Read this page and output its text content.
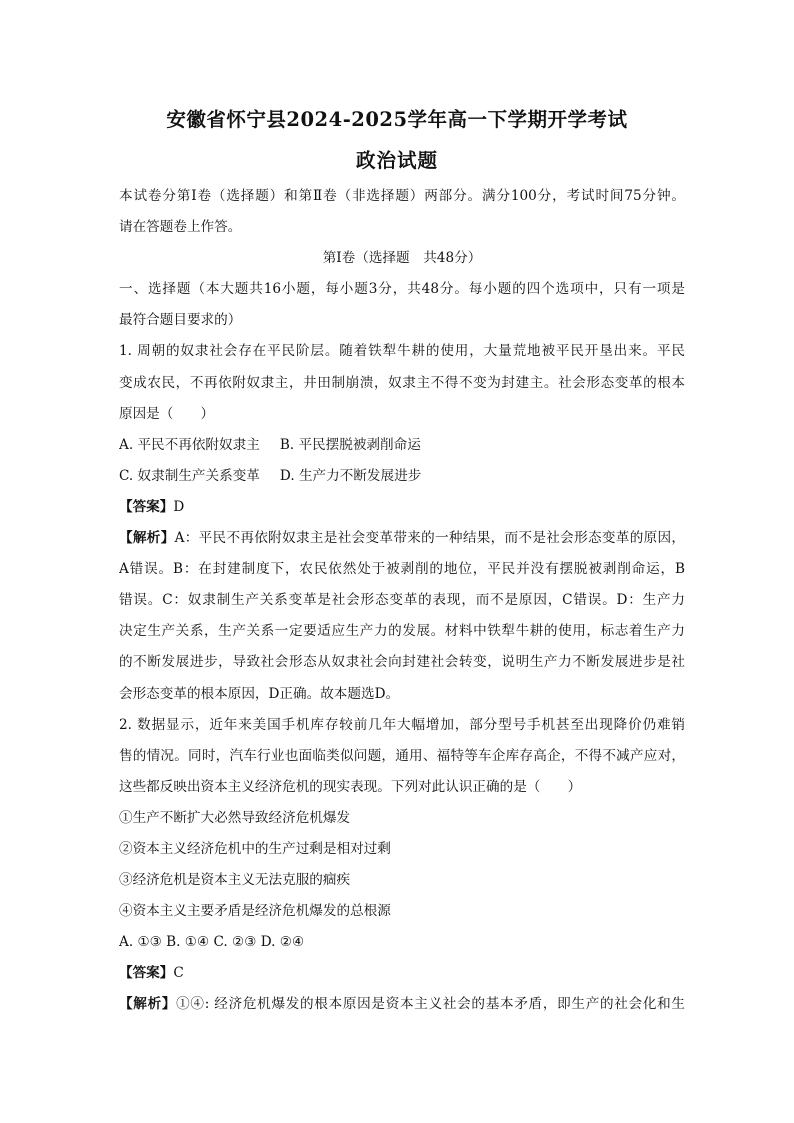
安徽省怀宁县2024-2025学年高一下学期开学考试
政治试题
本试卷分第Ⅰ卷（选择题）和第Ⅱ卷（非选择题）两部分。满分100分，考试时间75分钟。
请在答题卷上作答。
第Ⅰ卷（选择题　共48分）
一、选择题（本大题共16小题，每小题3分，共48分。每小题的四个选项中，只有一项是
最符合题目要求的）
1. 周朝的奴隶社会存在平民阶层。随着铁犁牛耕的使用，大量荒地被平民开垦出来。平民
变成农民，不再依附奴隶主，井田制崩溃，奴隶主不得不变为封建主。社会形态变革的根本
原因是（　　）
A. 平民不再依附奴隶主 B. 平民摆脱被剥削命运
C. 奴隶制生产关系变革 D. 生产力不断发展进步
【答案】D
【解析】A：平民不再依附奴隶主是社会变革带来的一种结果，而不是社会形态变革的原因，
A错误。B：在封建制度下，农民依然处于被剥削的地位，平民并没有摆脱被剥削命运，B
错误。C：奴隶制生产关系变革是社会形态变革的表现，而不是原因，C错误。D：生产力
决定生产关系，生产关系一定要适应生产力的发展。材料中铁犁牛耕的使用，标志着生产力
的不断发展进步，导致社会形态从奴隶社会向封建社会转变，说明生产力不断发展进步是社
会形态变革的根本原因，D正确。故本题选D。
2. 数据显示，近年来美国手机库存较前几年大幅增加，部分型号手机甚至出现降价仍难销
售的情况。同时，汽车行业也面临类似问题，通用、福特等车企库存高企，不得不减产应对，
这些都反映出资本主义经济危机的现实表现。下列对此认识正确的是（　　）
①生产不断扩大必然导致经济危机爆发
②资本主义经济危机中的生产过剩是相对过剩
③经济危机是资本主义无法克服的痼疾
④资本主义主要矛盾是经济危机爆发的总根源
A. ①③ B. ①④ C. ②③ D. ②④
【答案】C
【解析】①④: 经济危机爆发的根本原因是资本主义社会的基本矛盾，即生产的社会化和生
